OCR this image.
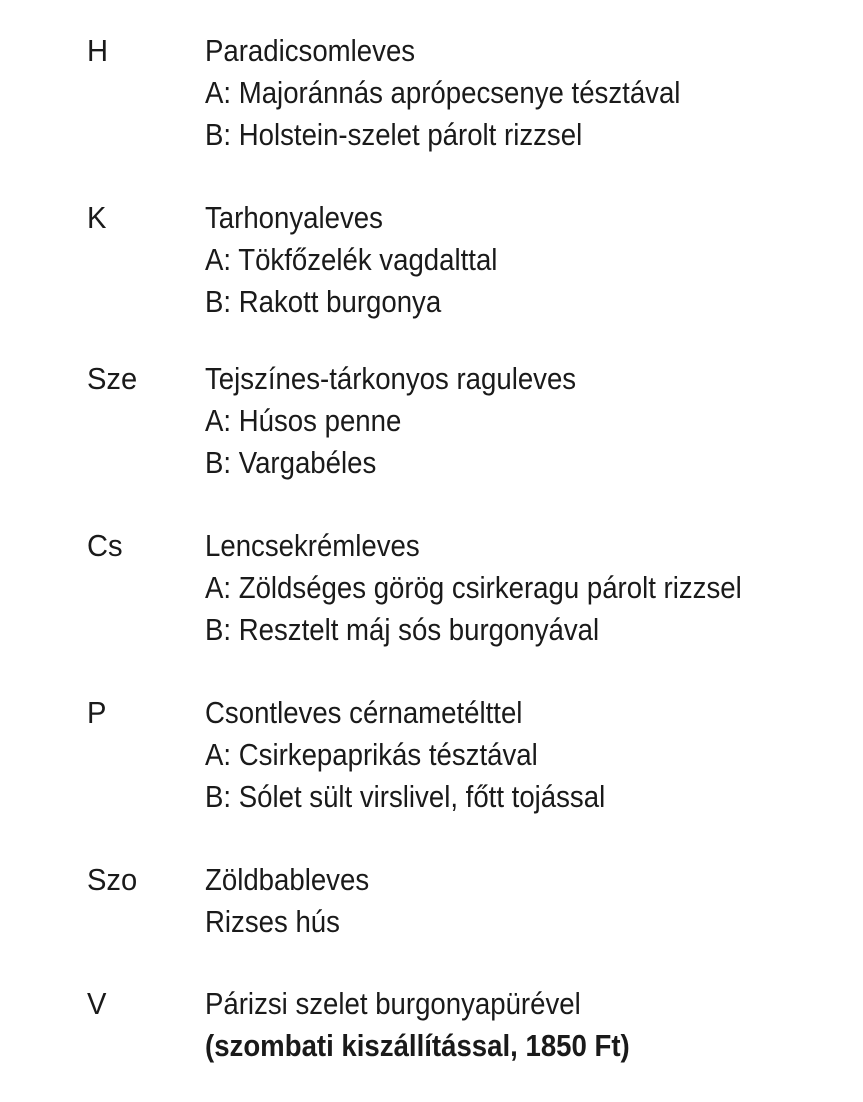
H	Paradicsomleves
A: Majoránnás aprópecsenye tésztával
B: Holstein-szelet párolt rizzsel
K	Tarhonyaleves
A: Tökfőzelék vagdalttal
B: Rakott burgonya
Sze Tejszínes-tárkonyos raguleves
A: Húsos penne
B: Vargabéles
Cs	Lencsekrémleves
A: Zöldséges görög csirkeragu párolt rizzsel
B: Resztelt máj sós burgonyával
P	Csontleves cérnametélttel
A: Csirkepaprikás tésztával
B: Sólet sült virslivel, főtt tojással
Szo Zöldbableves
Rizses hús
V	Párizsi szelet burgonyapürével
(szombati kiszállítással, 1850 Ft)
